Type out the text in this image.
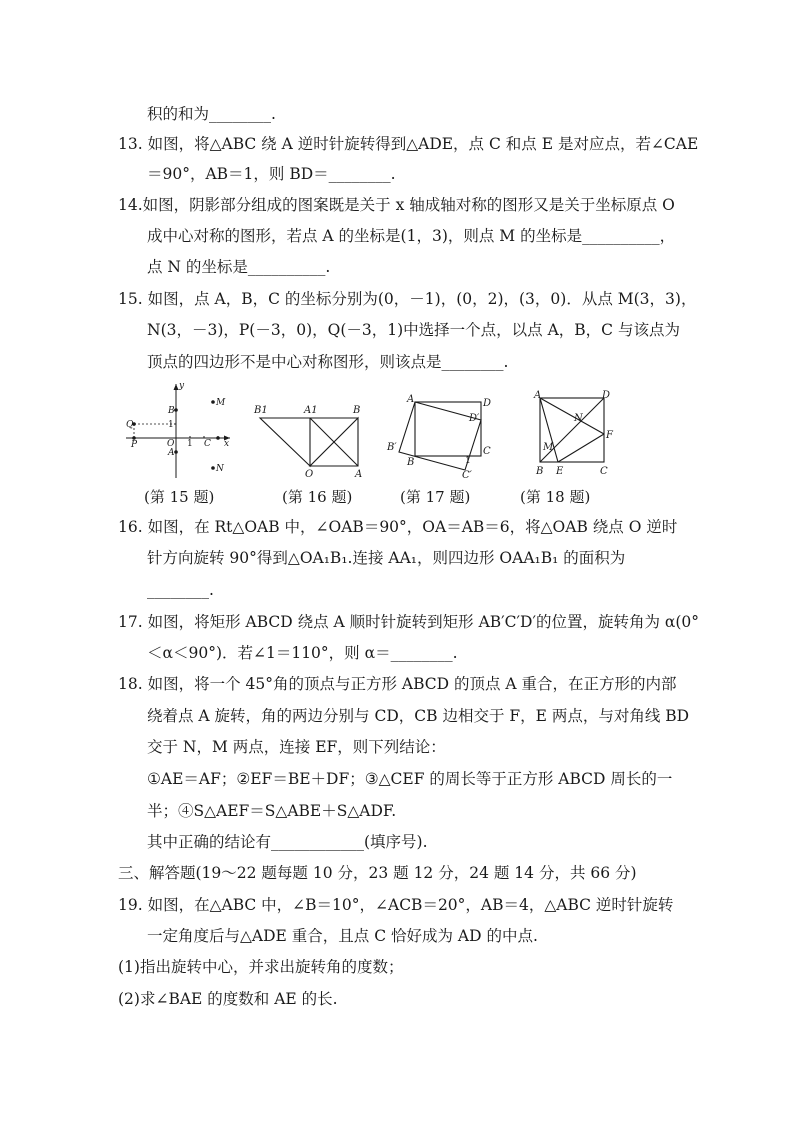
积的和为________.
13. 如图，将△ABC 绕 A 逆时针旋转得到△ADE，点 C 和点 E 是对应点，若∠CAE
＝90°，AB＝1，则 BD＝________.
14.如图，阴影部分组成的图案既是关于 x 轴成轴对称的图形又是关于坐标原点 O
成中心对称的图形，若点 A 的坐标是(1，3)，则点 M 的坐标是__________，
点 N 的坐标是__________.
15. 如图，点 A，B，C 的坐标分别为(0，－1)，(0，2)，(3，0)．从点 M(3，3)，
N(3，－3)，P(－3，0)，Q(－3，1)中选择一个点，以点 A，B，C 与该点为
顶点的四边形不是中心对称图形，则该点是________.
16. 如图，在 Rt△OAB 中，∠OAB＝90°，OA＝AB＝6，将△OAB 绕点 O 逆时
针方向旋转 90°得到△OA₁B₁.连接 AA₁，则四边形 OAA₁B₁ 的面积为
________.
17. 如图，将矩形 ABCD 绕点 A 顺时针旋转到矩形 AB′C′D′的位置，旋转角为 α(0°
＜α＜90°)．若∠1＝110°，则 α＝________.
18. 如图，将一个 45°角的顶点与正方形 ABCD 的顶点 A 重合，在正方形的内部
绕着点 A 旋转，角的两边分别与 CD，CB 边相交于 F，E 两点，与对角线 BD
交于 N，M 两点，连接 EF，则下列结论：
①AE＝AF；②EF＝BE＋DF；③△CEF 的周长等于正方形 ABCD 周长的一
半；④S△AEF＝S△ABE＋S△ADF.
其中正确的结论有____________(填序号).
三、解答题(19～22 题每题 10 分，23 题 12 分，24 题 14 分，共 66 分)
19. 如图，在△ABC 中，∠B＝10°，∠ACB＝20°，AB＝4，△ABC 逆时针旋转
一定角度后与△ADE 重合，且点 C 恰好成为 AD 的中点.
(1)指出旋转中心，并求出旋转角的度数；
(2)求∠BAE 的度数和 AE 的长.
y
x
M
N
B
1
Q
P	O 1 C
A
B1	A1	B
O	A
A	D
D′
B′
B
C
1
C′
A	D
N
F
M
B E	C
(第 15 题)	(第 16 题)	(第 17 题)	(第 18 题)
